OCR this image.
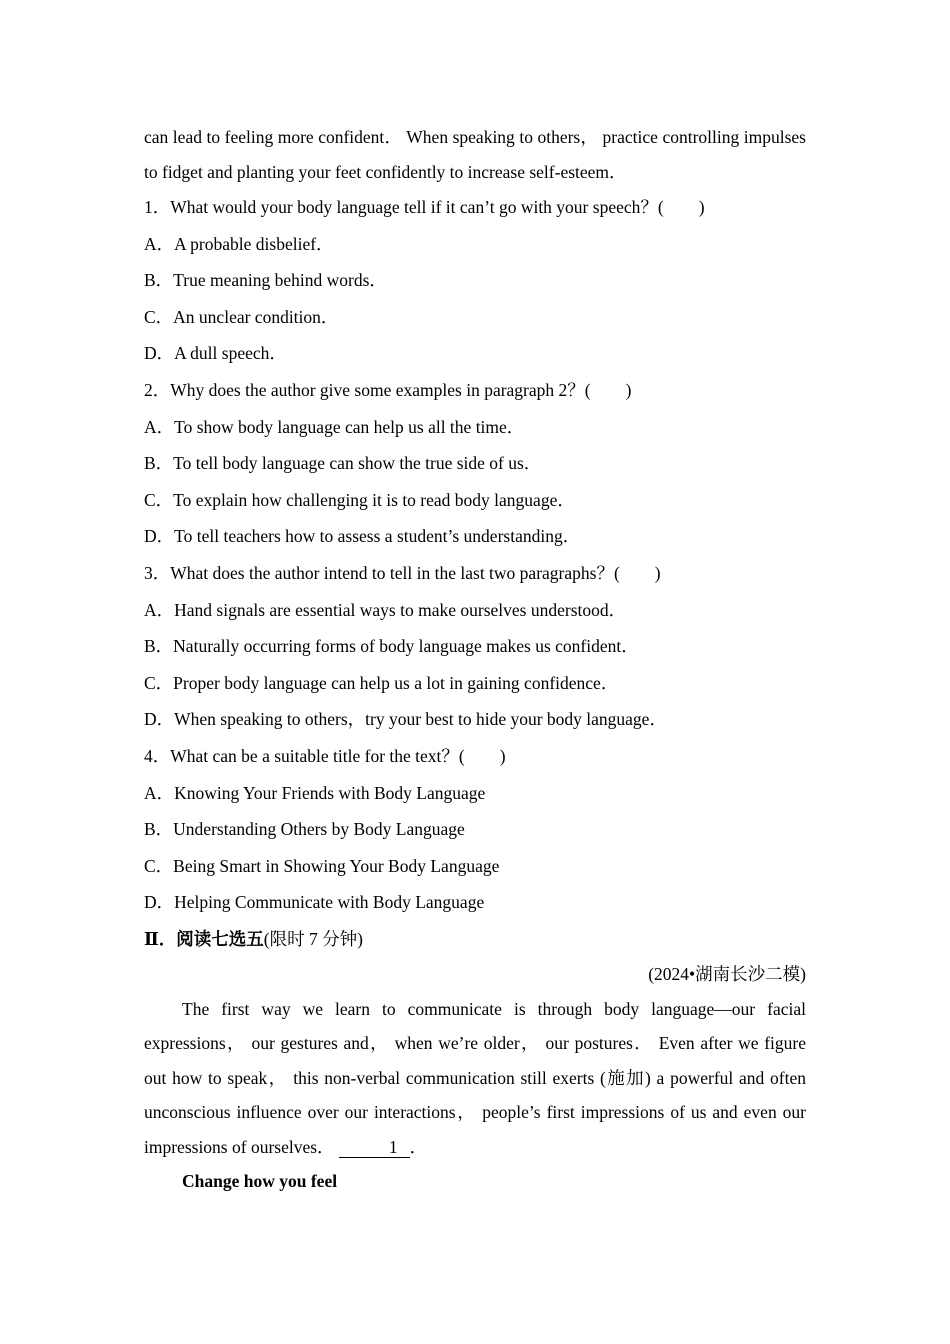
can lead to feeling more confident． When speaking to others， practice controlling impulses to fidget and planting your feet confidently to increase self-esteem．
1．What would your body language tell if it can’t go with your speech？(　　)
A．A probable disbelief．
B．True meaning behind words．
C．An unclear condition．
D．A dull speech．
2．Why does the author give some examples in paragraph 2？(　　)
A．To show body language can help us all the time．
B．To tell body language can show the true side of us．
C．To explain how challenging it is to read body language．
D．To tell teachers how to assess a student’s understanding．
3．What does the author intend to tell in the last two paragraphs？(　　)
A．Hand signals are essential ways to make ourselves understood．
B．Naturally occurring forms of body language makes us confident．
C．Proper body language can help us a lot in gaining confidence．
D．When speaking to others，try your best to hide your body language．
4．What can be a suitable title for the text？(　　)
A．Knowing Your Friends with Body Language
B．Understanding Others by Body Language
C．Being Smart in Showing Your Body Language
D．Helping Communicate with Body Language
Ⅱ．阅读七选五(限时 7 分钟)
(2024•湖南长沙二模)
The first way we learn to communicate is through body language—our facial expressions， our gestures and， when we’re older， our postures． Even after we figure out how to speak， this non-verbal communication still exerts (施加) a powerful and often unconscious influence over our interactions， people’s first impressions of us and even our impressions of ourselves．	1 ．
Change how you feel
